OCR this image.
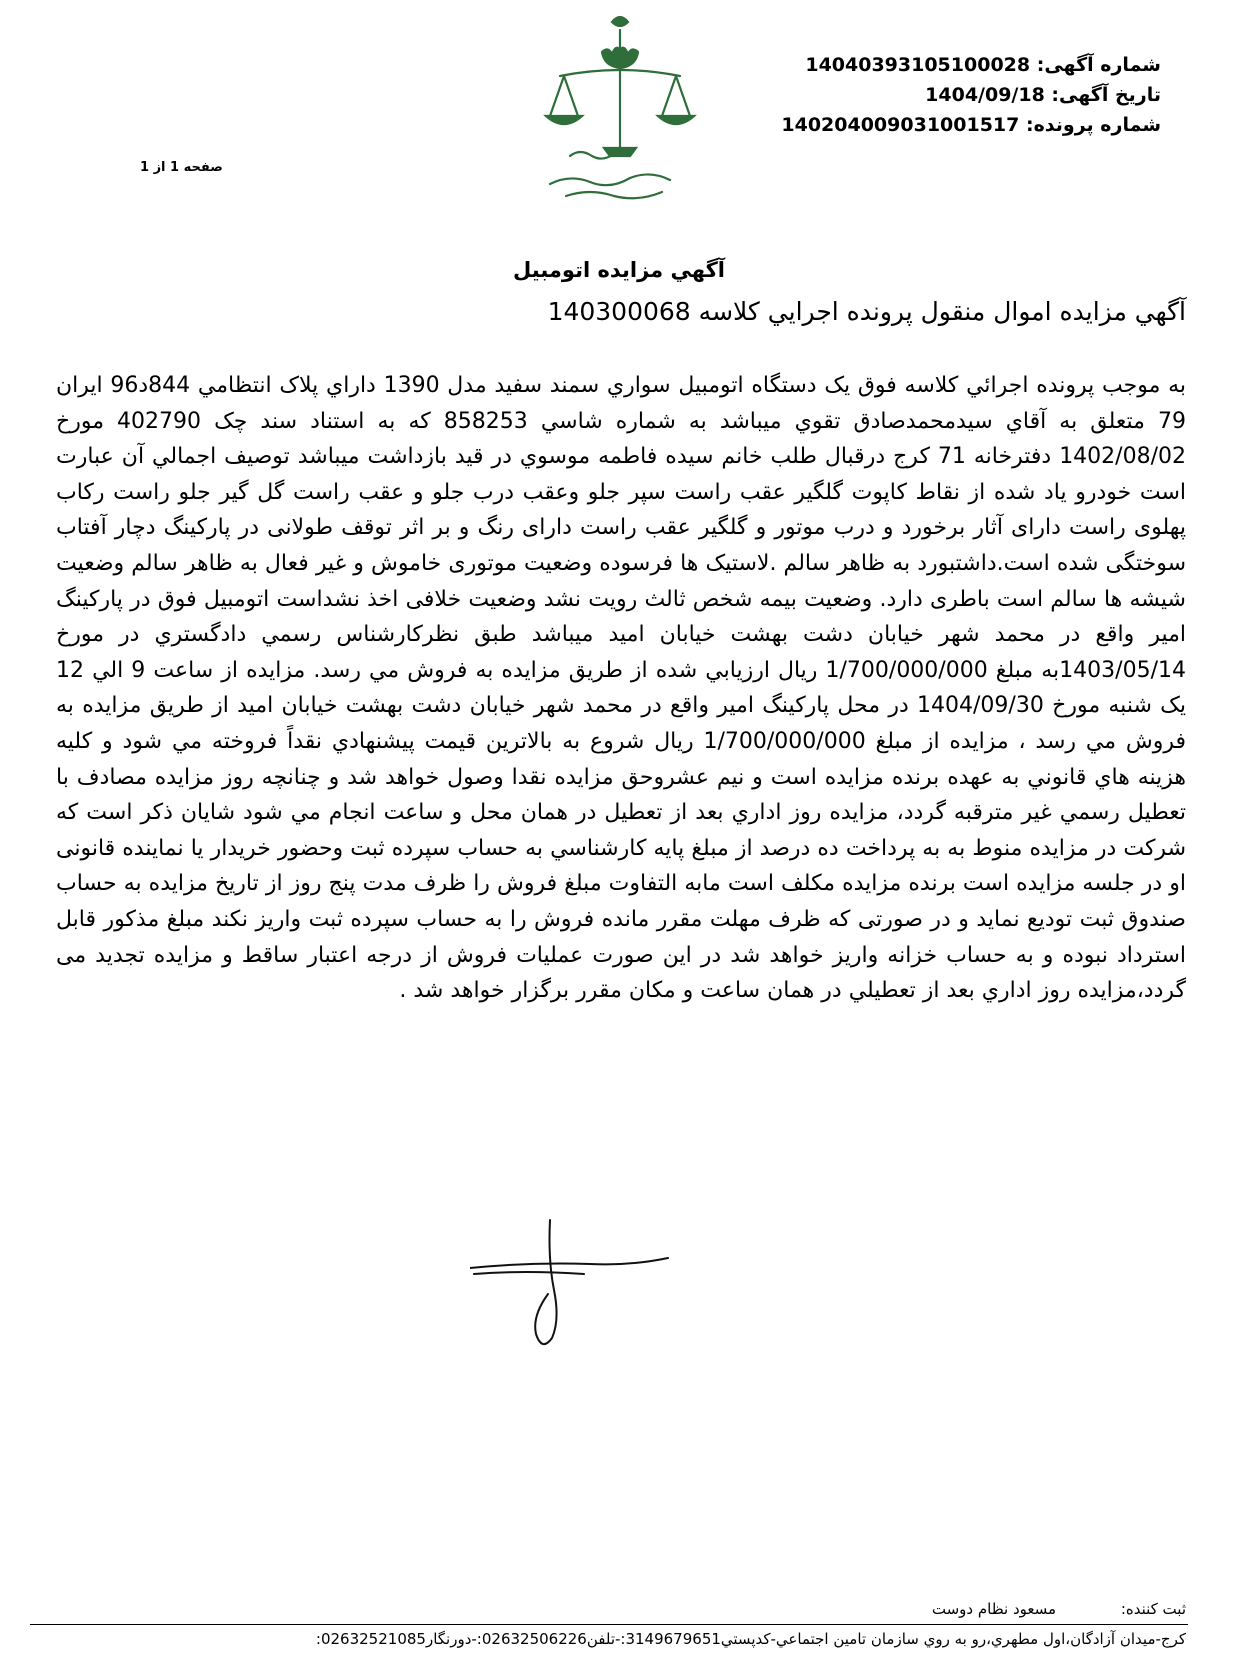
شماره آگهی: 14040393105100028
تاریخ آگهی: 1404/09/18
شماره پرونده: 140204009031001517
صفحه 1 از 1
آگهي مزايده اتومبيل
آگهي مزايده اموال منقول پرونده اجرايي كلاسه 140300068
به موجب پرونده اجرائي كلاسه فوق يک دستگاه اتومبيل سواري سمند سفيد مدل 1390 داراي پلاک انتظامي 844د96 ايران 79 متعلق به آقاي سيدمحمدصادق تقوي ميباشد به شماره شاسي 858253 كه به استناد سند چک 402790 مورخ 1402/08/02 دفترخانه 71 كرج درقبال طلب خانم سيده فاطمه موسوي در قيد بازداشت ميباشد توصيف اجمالي آن عبارت است خودرو ياد شده از نقاط كاپوت گلگير عقب راست سپر جلو وعقب درب جلو و عقب راست گل گير جلو راست ركاب پهلوی راست دارای آثار برخورد و درب موتور و گلگیر عقب راست دارای رنگ و بر اثر توقف طولانی در پارکینگ دچار آفتاب سوختگی شده است.داشتبورد به ظاهر سالم .لاستیک ها فرسوده وضعیت موتوری خاموش و غیر فعال به ظاهر سالم وضعیت شیشه ها سالم است باطری دارد. وضعیت بیمه شخص ثالث رویت نشد وضعیت خلافی اخذ نشداست اتومبیل فوق در پاركينگ امير واقع در محمد شهر خيابان دشت بهشت خيابان اميد ميباشد طبق نظركارشناس رسمي دادگستري در مورخ 1403/05/14به مبلغ 1/700/000/000 ريال ارزيابي شده از طريق مزايده به فروش مي رسد. مزايده از ساعت 9 الي 12 يک شنبه مورخ 1404/09/30 در محل پاركينگ امير واقع در محمد شهر خيابان دشت بهشت خيابان اميد از طريق مزايده به فروش مي رسد ، مزايده از مبلغ 1/700/000/000 ريال شروع به بالاترين قيمت پيشنهادي نقداً فروخته مي شود و كليه هزينه هاي قانوني به عهده برنده مزايده است و نيم عشروحق مزايده نقدا وصول خواهد شد و چنانچه روز مزايده مصادف با تعطيل رسمي غير مترقبه گردد، مزايده روز اداري بعد از تعطيل در همان محل و ساعت انجام مي شود شايان ذكر است كه شركت در مزايده منوط به به پرداخت ده درصد از مبلغ پايه كارشناسي به حساب سپرده ثبت وحضور خريدار يا نماينده قانونی او در جلسه مزايده است برنده مزايده مكلف است مابه التفاوت مبلغ فروش را ظرف مدت پنج روز از تاريخ مزايده به حساب صندوق ثبت توديع نمايد و در صورتی كه ظرف مهلت مقرر مانده فروش را به حساب سپرده ثبت واريز نكند مبلغ مذكور قابل استرداد نبوده و به حساب خزانه واريز خواهد شد در اين صورت عمليات فروش از درجه اعتبار ساقط و مزايده تجديد می گردد،مزايده روز اداري بعد از تعطيلي در همان ساعت و مكان مقرر برگزار خواهد شد .
ثبت كننده: مسعود نظام دوست
كرج-ميدان آزادگان،اول مطهري،رو به روي سازمان تامين اجتماعي-كدپستي3149679651:-تلفن02632506226:-دورنگار02632521085:
